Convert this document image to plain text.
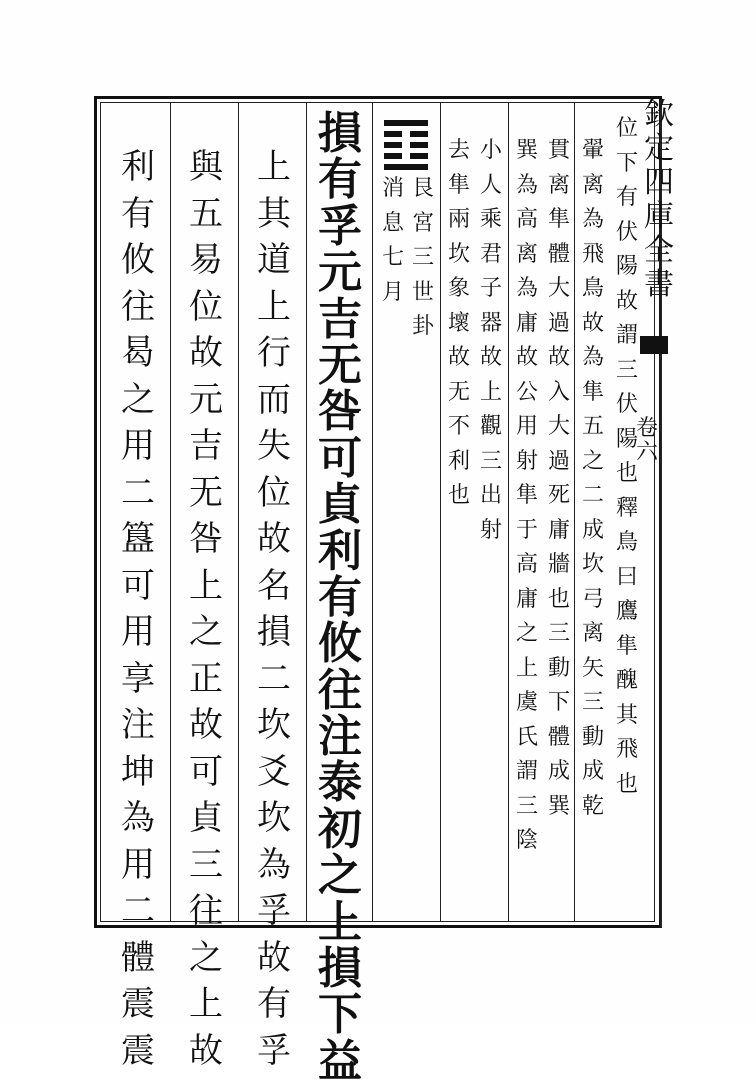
欽
定
四
庫
全
書
卷
六
位
下
有
伏
陽
故
謂
三
伏
陽
也
釋
鳥
曰
鷹
隼
醜
其
飛
也
翬
离
為
飛
鳥
故
為
隼
五
之
二
成
坎
弓
离
矢
三
動
成
乾
貫
离
隼
體
大
過
故
入
大
過
死
庸
牆
也
三
動
下
體
成
巽
巽
為
高
离
為
庸
故
公
用
射
隼
于
高
庸
之
上
虞
氏
謂
三
陰
小
人
乘
君
子
器
故
上
觀
三
出
射
去
隼
兩
坎
象
壞
故
无
不
利
也
艮
宮
三
世
卦
消
息
七
月
損
有
孚
元
吉
无
咎
可
貞
利
有
攸
往
注
泰
初
之
上
損
下
益
上
其
道
上
行
而
失
位
故
名
損
二
坎
爻
坎
為
孚
故
有
孚
與
五
易
位
故
元
吉
无
咎
上
之
正
故
可
貞
三
往
之
上
故
利
有
攸
往
曷
之
用
二
簋
可
用
享
注
坤
為
用
二
體
震
震
